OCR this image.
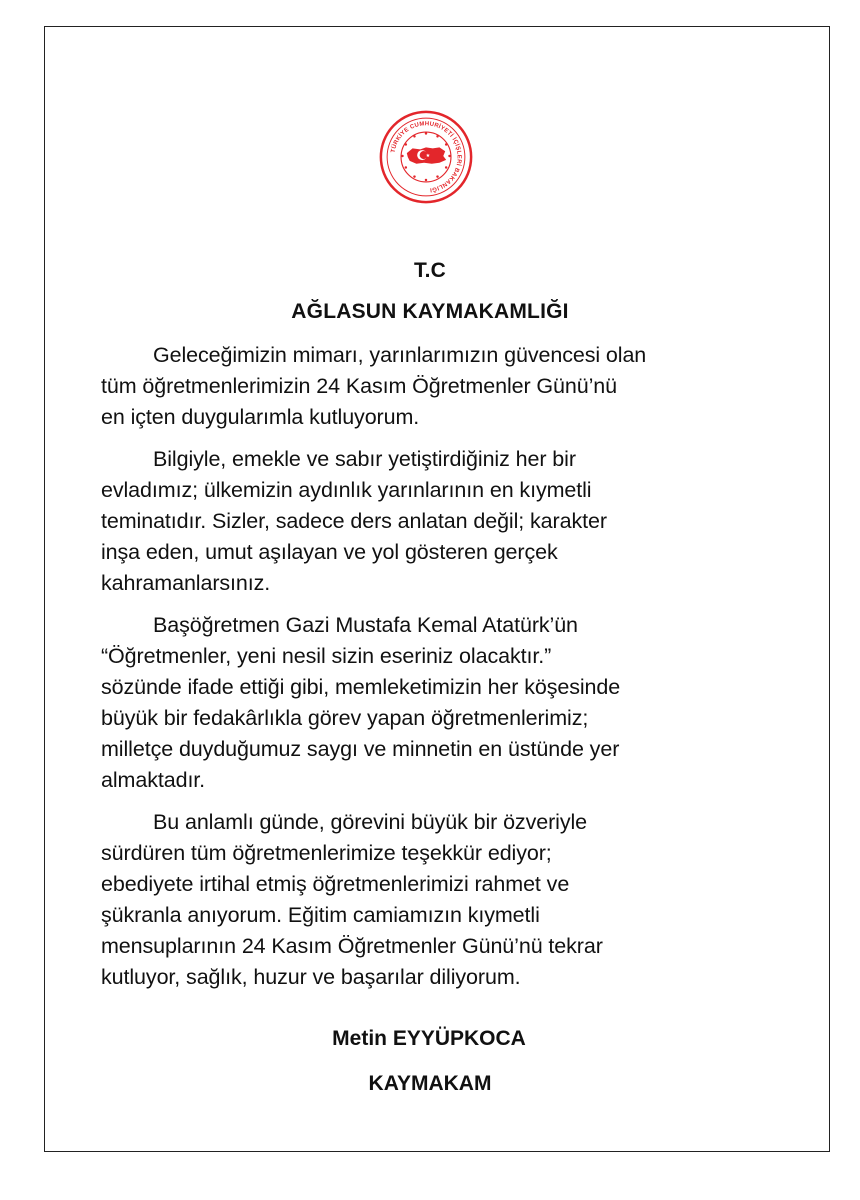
TÜRKİYE CUMHURİYETİ İÇİŞLERİ BAKANLIĞI
T.C
AĞLASUN KAYMAKAMLIĞI

Geleceğimizin mimarı, yarınlarımızın güvencesi olan
tüm öğretmenlerimizin 24 Kasım Öğretmenler Günü’nü
en içten duygularımla kutluyorum.

Bilgiyle, emekle ve sabır yetiştirdiğiniz her bir
evladımız; ülkemizin aydınlık yarınlarının en kıymetli
teminatıdır. Sizler, sadece ders anlatan değil; karakter
inşa eden, umut aşılayan ve yol gösteren gerçek
kahramanlarsınız.

Başöğretmen Gazi Mustafa Kemal Atatürk’ün
“Öğretmenler, yeni nesil sizin eseriniz olacaktır.”
sözünde ifade ettiği gibi, memleketimizin her köşesinde
büyük bir fedakârlıkla görev yapan öğretmenlerimiz;
milletçe duyduğumuz saygı ve minnetin en üstünde yer
almaktadır.

Bu anlamlı günde, görevini büyük bir özveriyle
sürdüren tüm öğretmenlerimize teşekkür ediyor;
ebediyete irtihal etmiş öğretmenlerimizi rahmet ve
şükranla anıyorum. Eğitim camiamızın kıymetli
mensuplarının 24 Kasım Öğretmenler Günü’nü tekrar
kutluyor, sağlık, huzur ve başarılar diliyorum.

Metin EYYÜPKOCA
KAYMAKAM
